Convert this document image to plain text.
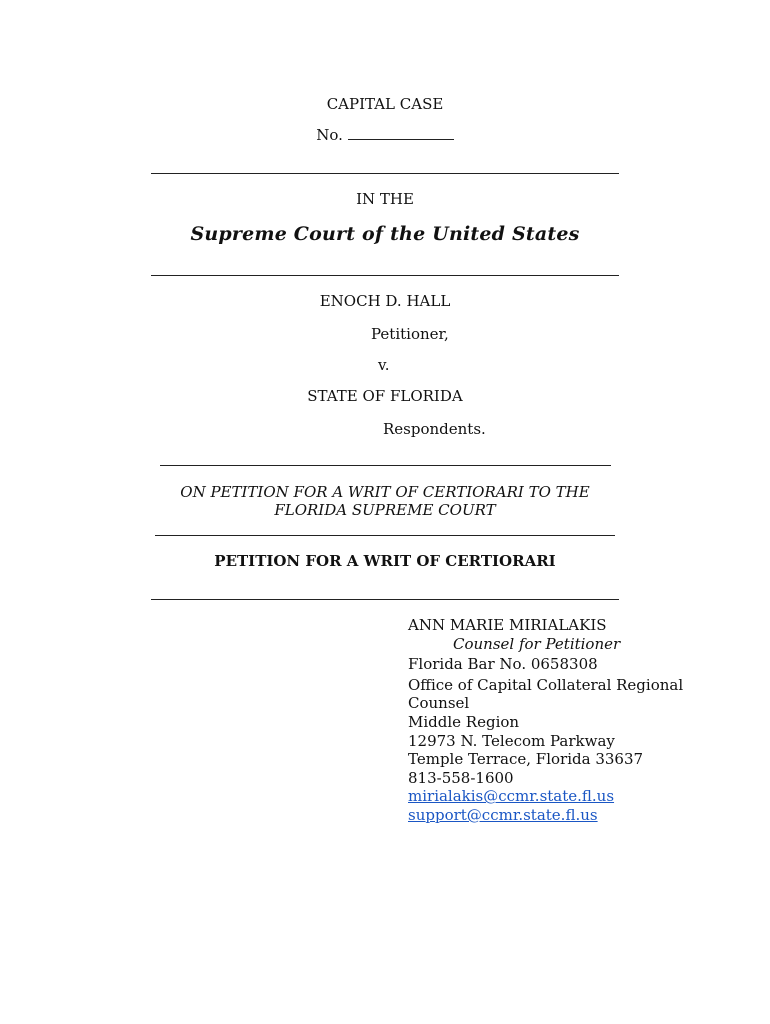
CAPITAL CASE
No.
IN THE
Supreme Court of the United States
ENOCH D. HALL
Petitioner,
v.
STATE OF FLORIDA
Respondents.
ON PETITION FOR A WRIT OF CERTIORARI TO THE
FLORIDA SUPREME COURT
PETITION FOR A WRIT OF CERTIORARI
ANN MARIE MIRIALAKIS
Counsel for Petitioner
Florida Bar No. 0658308
Office of Capital Collateral Regional
Counsel
Middle Region
12973 N. Telecom Parkway
Temple Terrace, Florida 33637
813-558-1600
mirialakis@ccmr.state.fl.us
support@ccmr.state.fl.us
